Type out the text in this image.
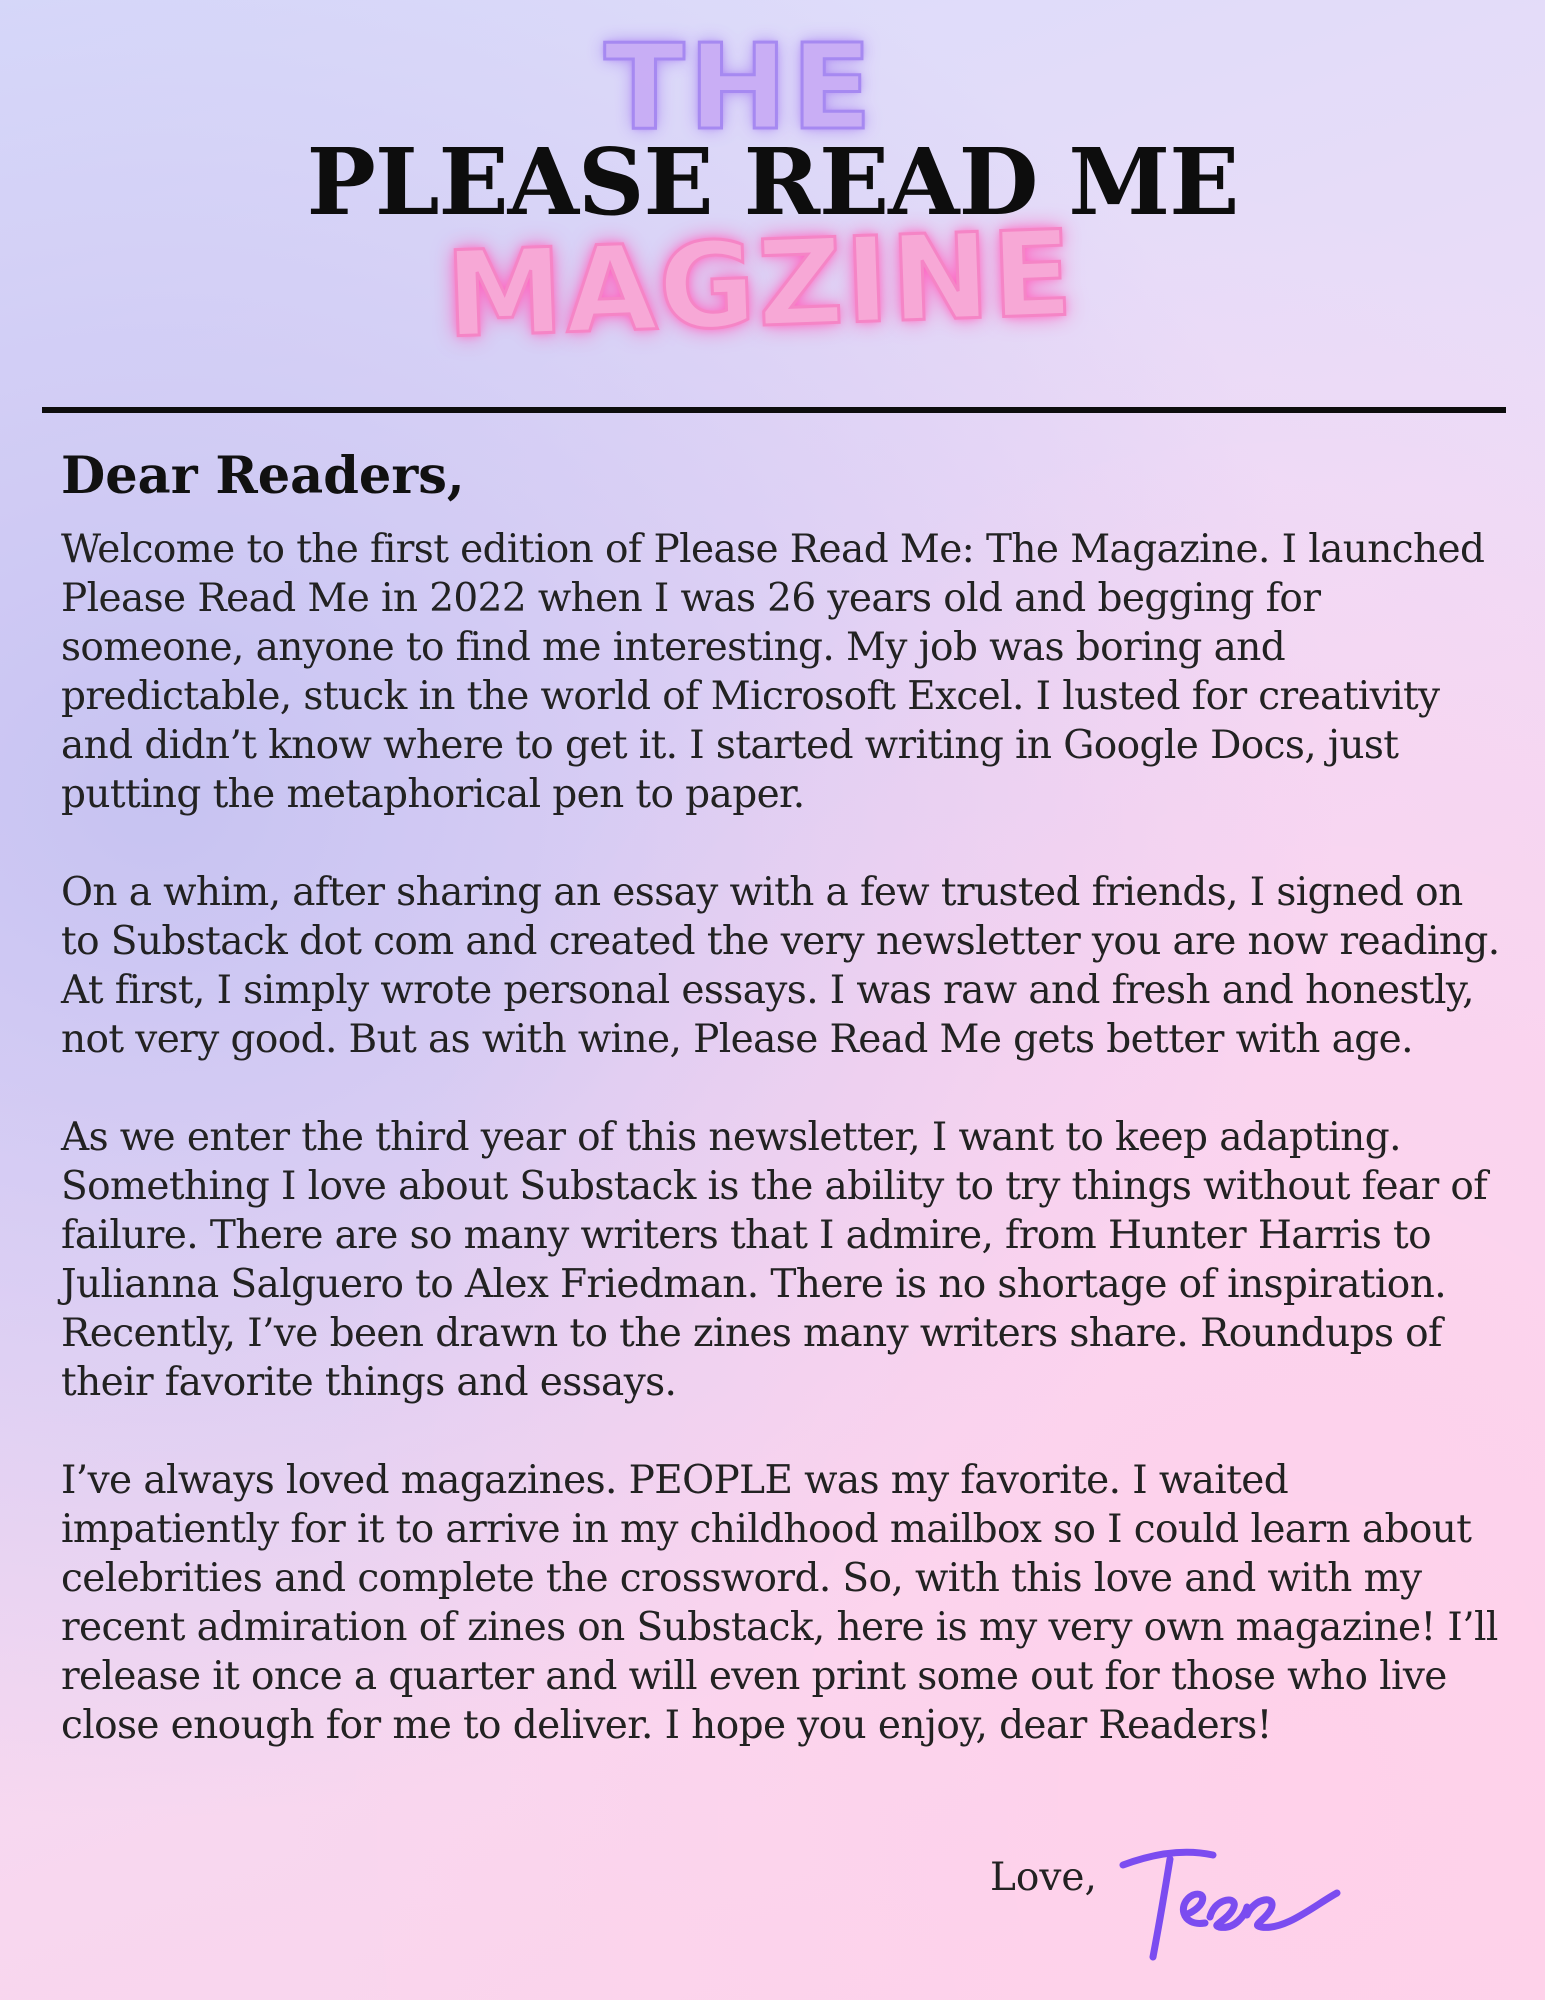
THE
MAGZINE
PLEASE READ ME
Dear Readers,

Welcome to the first edition of Please Read Me: The Magazine. I launched Please Read Me in 2022 when I was 26 years old and begging for someone, anyone to find me interesting. My job was boring and predictable, stuck in the world of Microsoft Excel. I lusted for creativity and didn’t know where to get it. I started writing in Google Docs, just putting the metaphorical pen to paper.

On a whim, after sharing an essay with a few trusted friends, I signed on to Substack dot com and created the very newsletter you are now reading. At first, I simply wrote personal essays. I was raw and fresh and honestly, not very good. But as with wine, Please Read Me gets better with age.

As we enter the third year of this newsletter, I want to keep adapting. Something I love about Substack is the ability to try things without fear of failure. There are so many writers that I admire, from Hunter Harris to Julianna Salguero to Alex Friedman. There is no shortage of inspiration. Recently, I’ve been drawn to the zines many writers share. Roundups of their favorite things and essays.

I’ve always loved magazines. PEOPLE was my favorite. I waited impatiently for it to arrive in my childhood mailbox so I could learn about celebrities and complete the crossword. So, with this love and with my recent admiration of zines on Substack, here is my very own magazine! I’ll release it once a quarter and will even print some out for those who live close enough for me to deliver. I hope you enjoy, dear Readers!

Love,
